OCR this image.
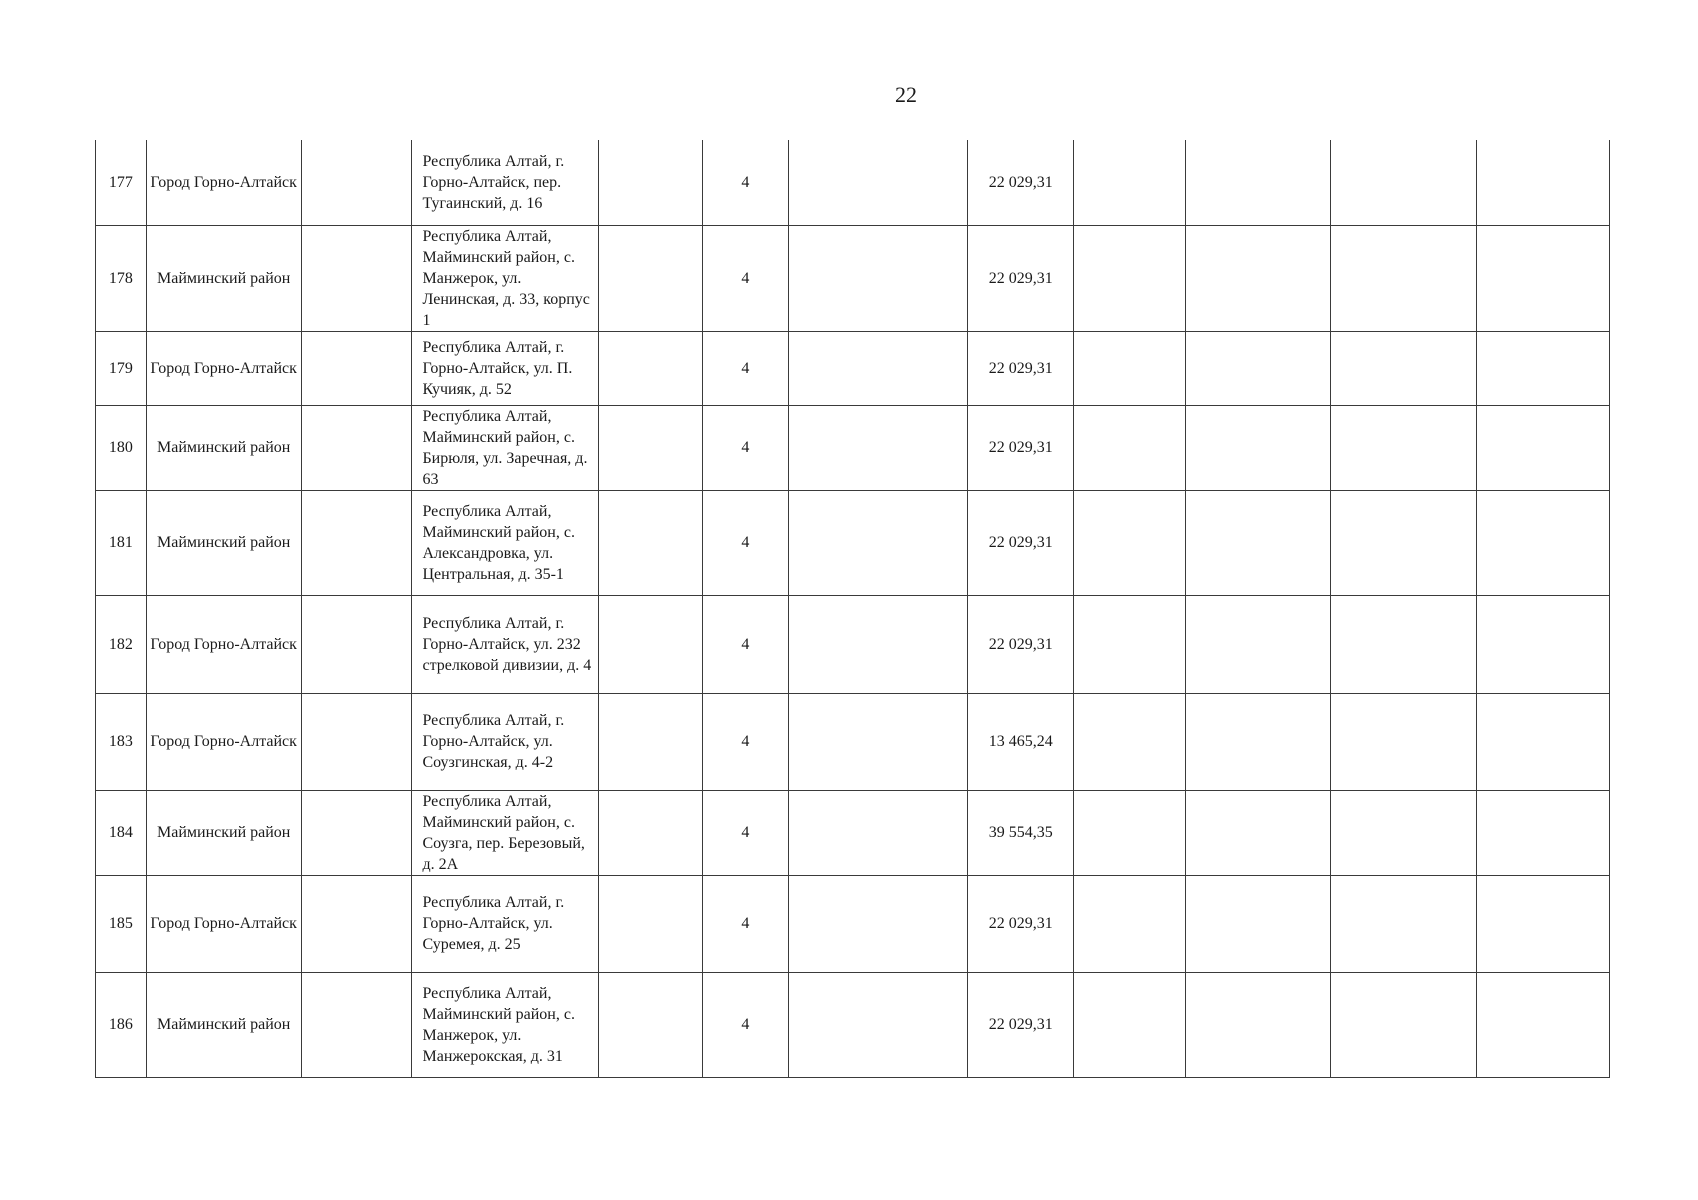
22
177	Город Горно-Алтайск		Республика Алтай, г. Горно-Алтайск, пер. Тугаинский, д. 16		4		22 029,31				
178	Майминский район		Республика Алтай, Майминский район, с. Манжерок, ул. Ленинская, д. 33, корпус 1		4		22 029,31				
179	Город Горно-Алтайск		Республика Алтай, г. Горно-Алтайск, ул. П. Кучияк, д. 52		4		22 029,31				
180	Майминский район		Республика Алтай, Майминский район, с. Бирюля, ул. Заречная, д. 63		4		22 029,31				
181	Майминский район		Республика Алтай, Майминский район, с. Александровка, ул. Центральная, д. 35-1		4		22 029,31				
182	Город Горно-Алтайск		Республика Алтай, г. Горно-Алтайск, ул. 232 стрелковой дивизии, д. 4		4		22 029,31				
183	Город Горно-Алтайск		Республика Алтай, г. Горно-Алтайск, ул. Соузгинская, д. 4-2		4		13 465,24				
184	Майминский район		Республика Алтай, Майминский район, с. Соузга, пер. Березовый, д. 2А		4		39 554,35				
185	Город Горно-Алтайск		Республика Алтай, г. Горно-Алтайск, ул. Суремея, д. 25		4		22 029,31				
186	Майминский район		Республика Алтай, Майминский район, с. Манжерок, ул. Манжерокская, д. 31		4		22 029,31				
